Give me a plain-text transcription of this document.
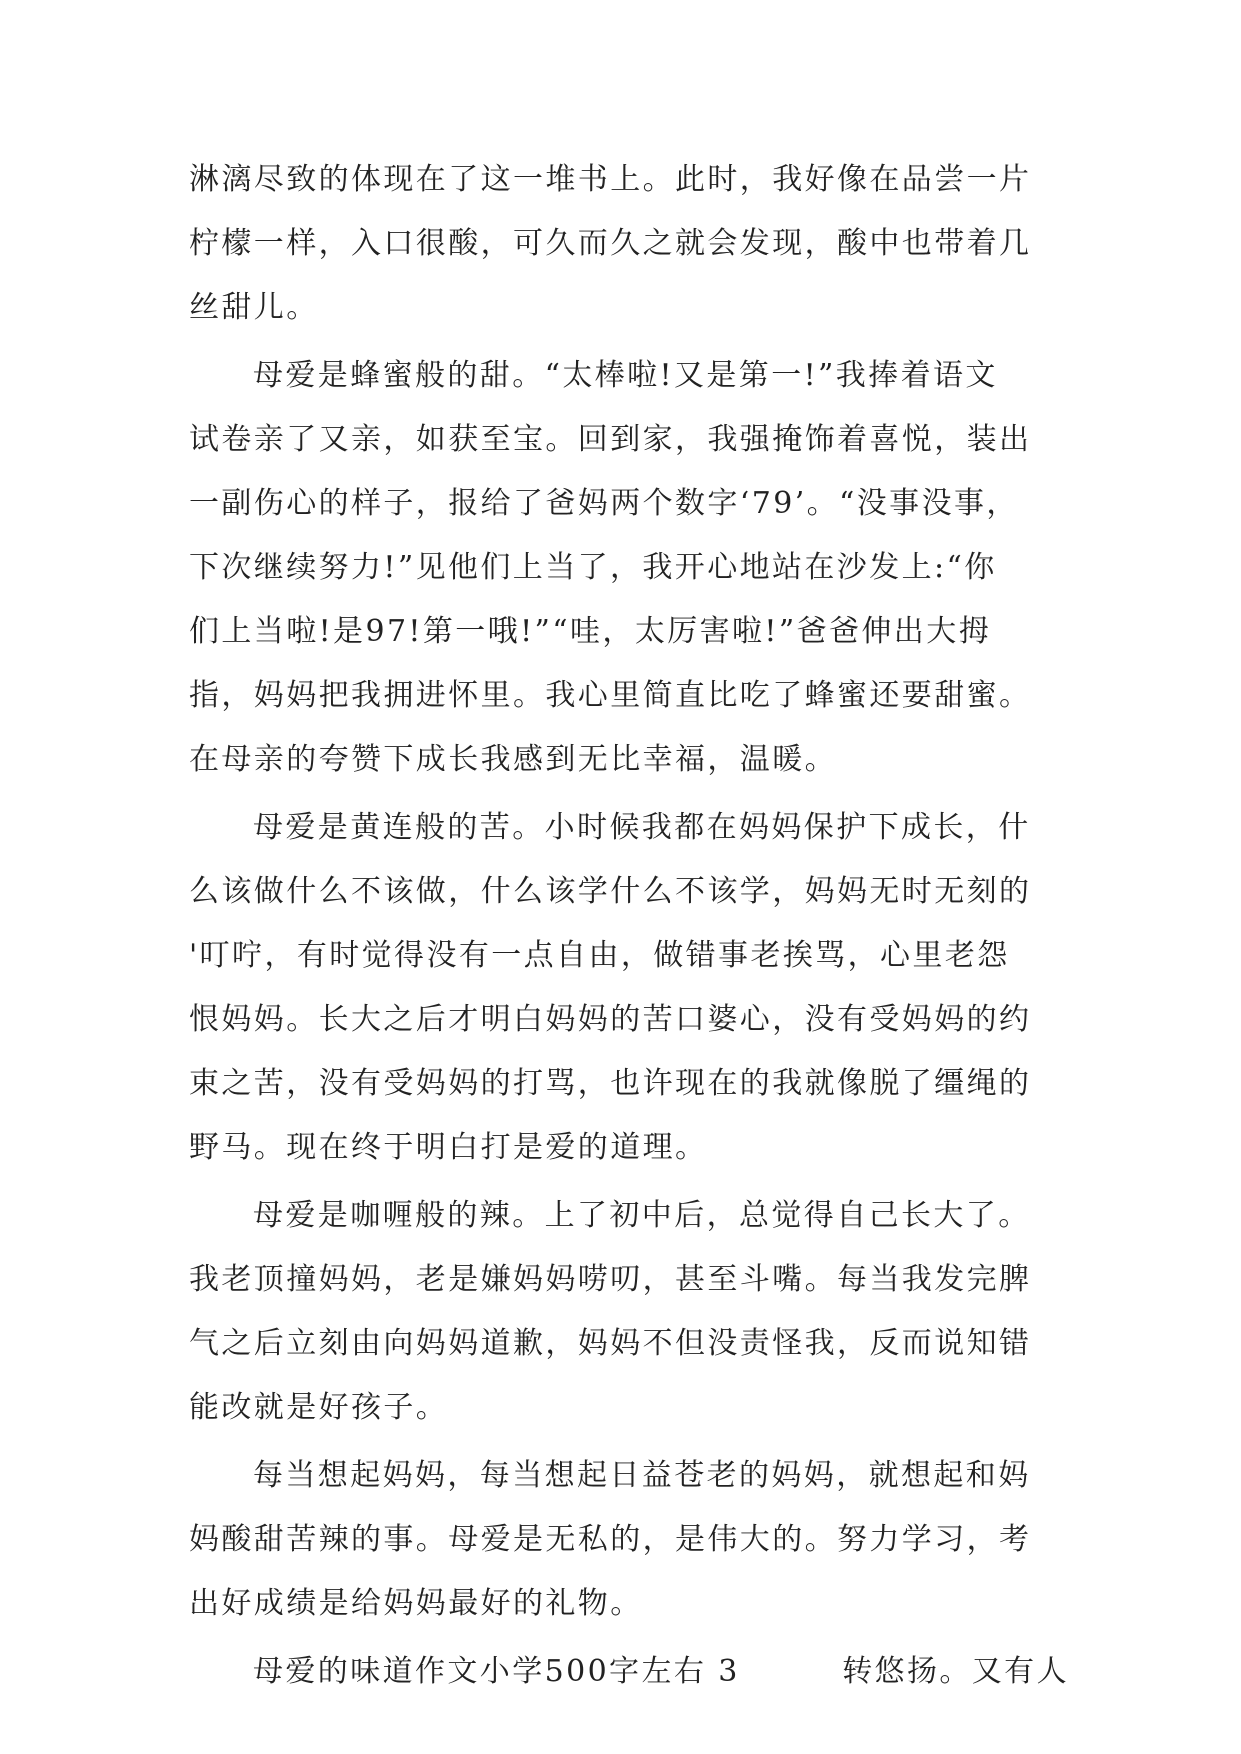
淋漓尽致的体现在了这一堆书上。此时，我好像在品尝一片
柠檬一样，入口很酸，可久而久之就会发现，酸中也带着几
丝甜儿。
母爱是蜂蜜般的甜。“太棒啦!又是第一!”我捧着语文
试卷亲了又亲，如获至宝。回到家，我强掩饰着喜悦，装出
一副伤心的样子，报给了爸妈两个数字‘79’。“没事没事，
下次继续努力!”见他们上当了，我开心地站在沙发上:“你
们上当啦!是97!第一哦!”“哇，太厉害啦!”爸爸伸出大拇
指，妈妈把我拥进怀里。我心里简直比吃了蜂蜜还要甜蜜。
在母亲的夸赞下成长我感到无比幸福，温暖。
母爱是黄连般的苦。小时候我都在妈妈保护下成长，什
么该做什么不该做，什么该学什么不该学，妈妈无时无刻的
'叮咛，有时觉得没有一点自由，做错事老挨骂，心里老怨
恨妈妈。长大之后才明白妈妈的苦口婆心，没有受妈妈的约
束之苦，没有受妈妈的打骂，也许现在的我就像脱了缰绳的
野马。现在终于明白打是爱的道理。
母爱是咖喱般的辣。上了初中后，总觉得自己长大了。
我老顶撞妈妈，老是嫌妈妈唠叨，甚至斗嘴。每当我发完脾
气之后立刻由向妈妈道歉，妈妈不但没责怪我，反而说知错
能改就是好孩子。
每当想起妈妈，每当想起日益苍老的妈妈，就想起和妈
妈酸甜苦辣的事。母爱是无私的，是伟大的。努力学习，考
出好成绩是给妈妈最好的礼物。
母爱的味道作文小学500字左右 3	转悠扬。又有人
